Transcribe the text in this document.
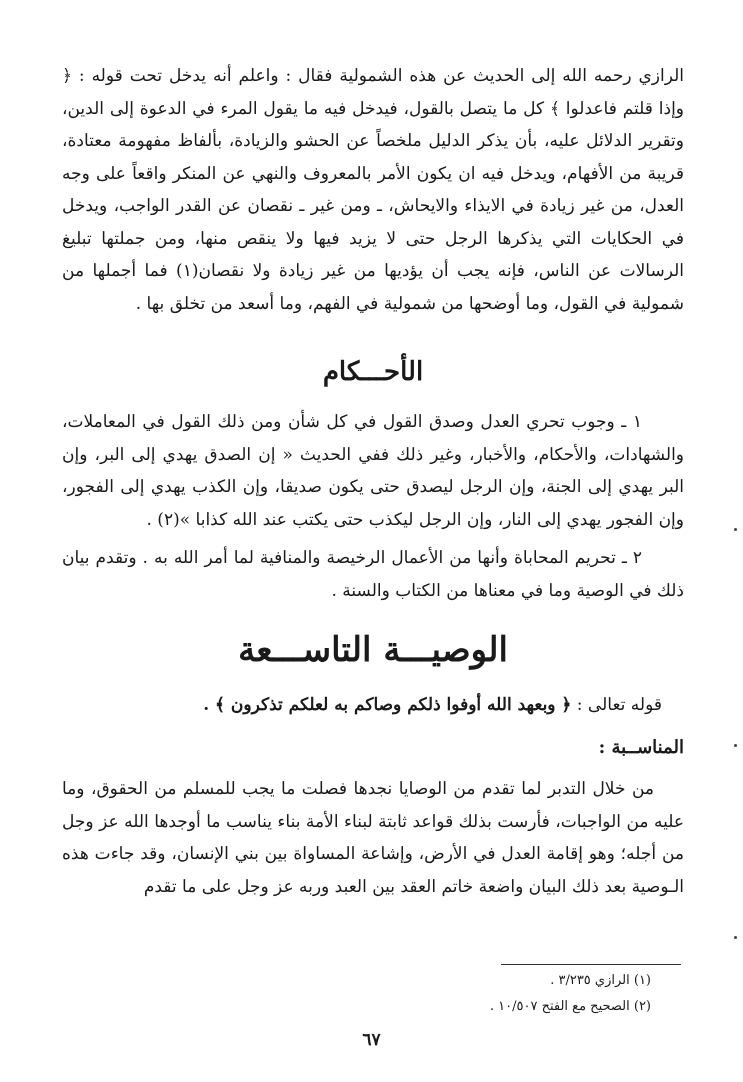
الرازي رحمه الله إلى الحديث عن هذه الشمولية فقال : واعلم أنه يدخل تحت قوله : ﴿ وإذا قلتم فاعدلوا ﴾ كل ما يتصل بالقول، فيدخل فيه ما يقول المرء في الدعوة إلى الدين، وتقرير الدلائل عليه، بأن يذكر الدليل ملخصاً عن الحشو والزيادة، بألفاظ مفهومة معتادة، قريبة من الأفهام، ويدخل فيه ان يكون الأمر بالمعروف والنهي عن المنكر واقعاً على وجه العدل، من غير زيادة في الايذاء والايحاش، ـ ومن غير ـ نقصان عن القدر الواجب، ويدخل في الحكايات التي يذكرها الرجل حتى لا يزيد فيها ولا ينقص منها، ومن جملتها تبليغ الرسالات عن الناس، فإنه يجب أن يؤديها من غير زيادة ولا نقصان(١) فما أجملها من شمولية في القول، وما أوضحها من شمولية في الفهم، وما أسعد من تخلق بها .

الأحـــكام

١ ـ وجوب تحري العدل وصدق القول في كل شأن ومن ذلك القول في المعاملات، والشهادات، والأحكام، والأخبار، وغير ذلك ففي الحديث « إن الصدق يهدي إلى البر، وإن البر يهدي إلى الجنة، وإن الرجل ليصدق حتى يكون صديقا، وإن الكذب يهدي إلى الفجور، وإن الفجور يهدي إلى النار، وإن الرجل ليكذب حتى يكتب عند الله كذابا »(٢) .

٢ ـ تحريم المحاباة وأنها من الأعمال الرخيصة والمنافية لما أمر الله به . وتقدم بيان ذلك في الوصية وما في معناها من الكتاب والسنة .

الوصيـــة التاســـعة

قوله تعالى : ﴿ وبعهد الله أوفوا ذلكم وصاكم به لعلكم تذكرون ﴾ .

المناســبة :

من خلال التدبر لما تقدم من الوصايا نجدها فصلت ما يجب للمسلم من الحقوق، وما عليه من الواجبات، فأرست بذلك قواعد ثابتة لبناء الأمة بناء يناسب ما أوجدها الله عز وجل من أجله؛ وهو إقامة العدل في الأرض، وإشاعة المساواة بين بني الإنسان، وقد جاءت هذه الـوصية بعد ذلك البيان واضعة خاتم العقد بين العبد وربه عز وجل على ما تقدم

(١) الرازي ٣/٢٣٥ .
(٢) الصحيح مع الفتح ١٠/٥٠٧ .
٦٧
